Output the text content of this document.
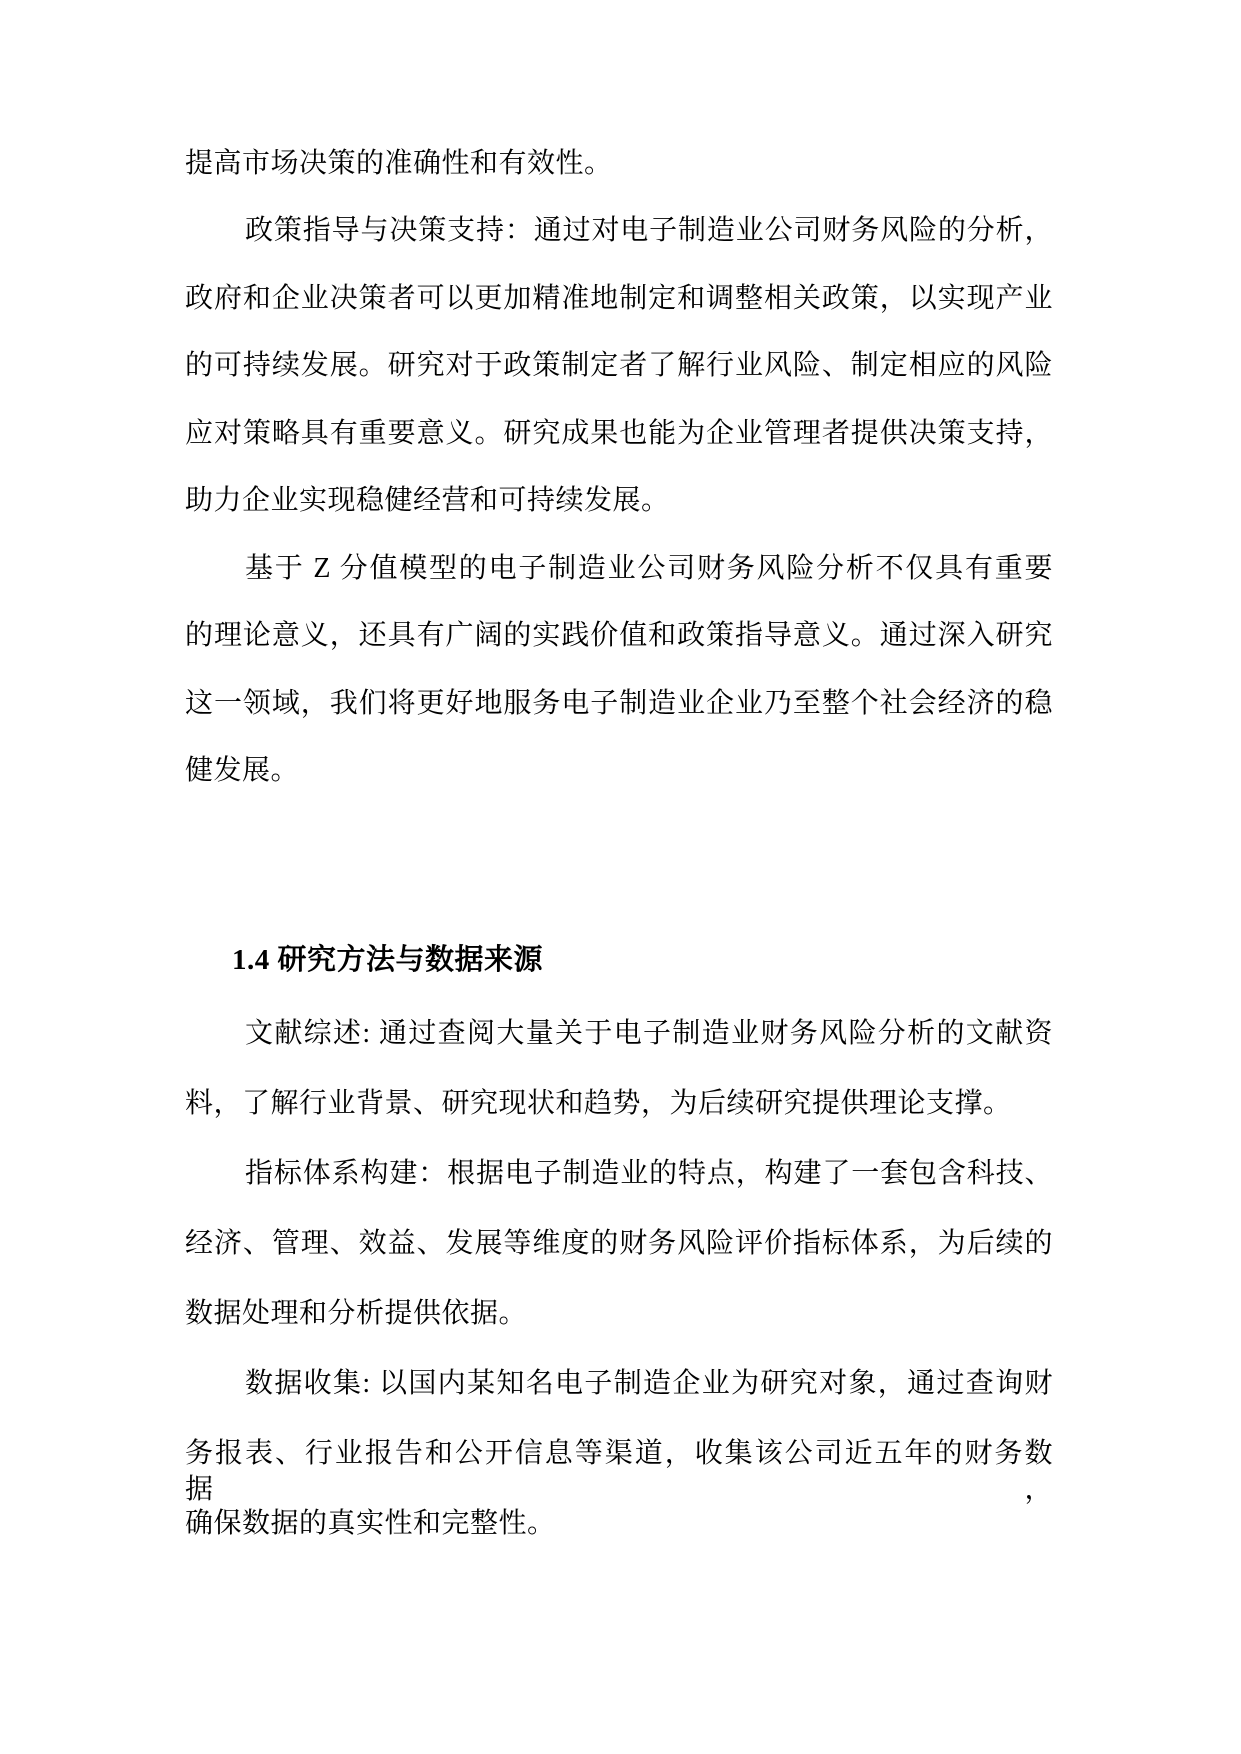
提高市场决策的准确性和有效性。
政策指导与决策支持：通过对电子制造业公司财务风险的分析，
政府和企业决策者可以更加精准地制定和调整相关政策，以实现产业
的可持续发展。研究对于政策制定者了解行业风险、制定相应的风险
应对策略具有重要意义。研究成果也能为企业管理者提供决策支持，
助力企业实现稳健经营和可持续发展。
基于 Z 分值模型的电子制造业公司财务风险分析不仅具有重要
的理论意义，还具有广阔的实践价值和政策指导意义。通过深入研究
这一领域，我们将更好地服务电子制造业企业乃至整个社会经济的稳
健发展。
1.4 研究方法与数据来源
文献综述: 通过查阅大量关于电子制造业财务风险分析的文献资
料，了解行业背景、研究现状和趋势，为后续研究提供理论支撑。
指标体系构建：根据电子制造业的特点，构建了一套包含科技、
经济、管理、效益、发展等维度的财务风险评价指标体系，为后续的
数据处理和分析提供依据。
数据收集: 以国内某知名电子制造企业为研究对象，通过查询财
务报表、行业报告和公开信息等渠道，收集该公司近五年的财务数据，
确保数据的真实性和完整性。
